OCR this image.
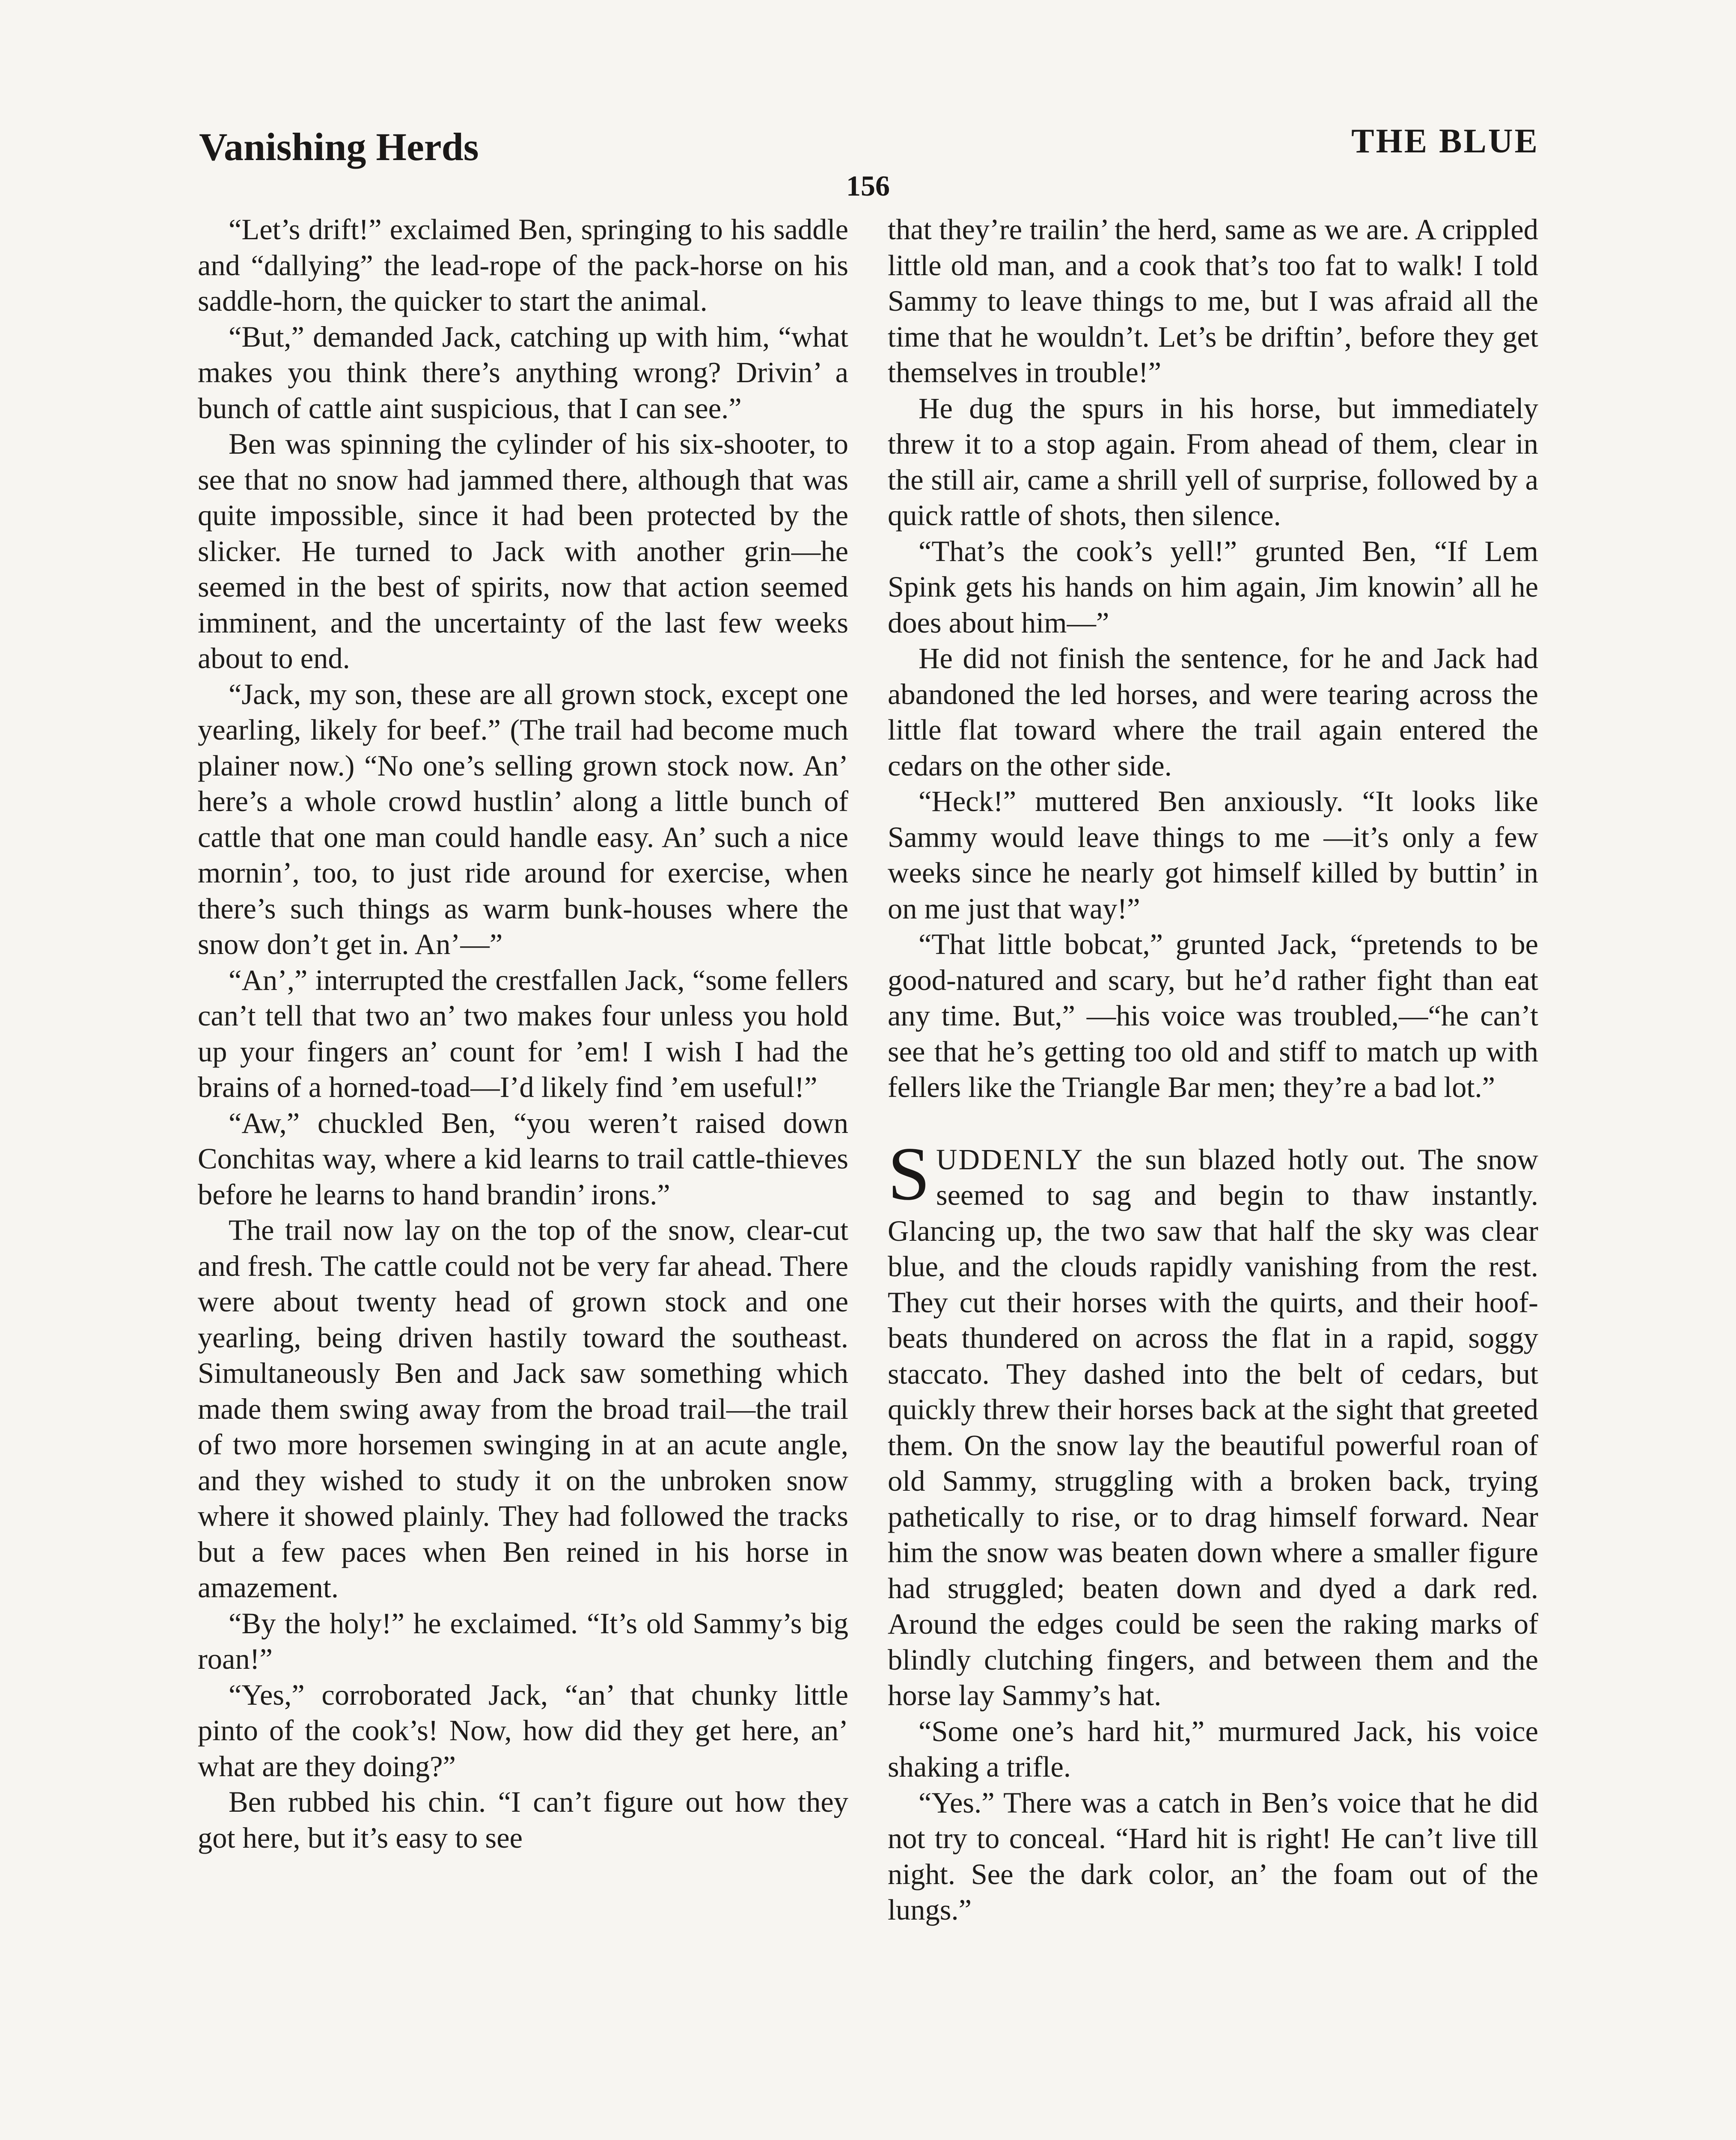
Vanishing Herds	THE BLUE
156

“Let’s drift!” exclaimed Ben, springing to his saddle and “dallying” the lead-rope of the pack-horse on his saddle-horn, the quicker to start the animal.

“But,” demanded Jack, catching up with him, “what makes you think there’s anything wrong? Drivin’ a bunch of cattle aint suspicious, that I can see.”

Ben was spinning the cylinder of his six-shooter, to see that no snow had jammed there, although that was quite impossible, since it had been protected by the slicker. He turned to Jack with another grin—he seemed in the best of spirits, now that action seemed imminent, and the uncertainty of the last few weeks about to end.

“Jack, my son, these are all grown stock, except one yearling, likely for beef.” (The trail had become much plainer now.) “No one’s selling grown stock now. An’ here’s a whole crowd hustlin’ along a little bunch of cattle that one man could handle easy. An’ such a nice mornin’, too, to just ride around for exercise, when there’s such things as warm bunk-houses where the snow don’t get in. An’—”

“An’,” interrupted the crestfallen Jack, “some fellers can’t tell that two an’ two makes four unless you hold up your fingers an’ count for ’em! I wish I had the brains of a horned-toad—I’d likely find ’em useful!”

“Aw,” chuckled Ben, “you weren’t raised down Conchitas way, where a kid learns to trail cattle-thieves before he learns to hand brandin’ irons.”

The trail now lay on the top of the snow, clear-cut and fresh. The cattle could not be very far ahead. There were about twenty head of grown stock and one yearling, being driven hastily toward the southeast. Simultaneously Ben and Jack saw something which made them swing away from the broad trail—the trail of two more horsemen swinging in at an acute angle, and they wished to study it on the unbroken snow where it showed plainly. They had followed the tracks but a few paces when Ben reined in his horse in amazement.

“By the holy!” he exclaimed. “It’s old Sammy’s big roan!”

“Yes,” corroborated Jack, “an’ that chunky little pinto of the cook’s! Now, how did they get here, an’ what are they doing?”

Ben rubbed his chin. “I can’t figure out how they got here, but it’s easy to see

that they’re trailin’ the herd, same as we are. A crippled little old man, and a cook that’s too fat to walk! I told Sammy to leave things to me, but I was afraid all the time that he wouldn’t. Let’s be driftin’, before they get themselves in trouble!”

He dug the spurs in his horse, but immediately threw it to a stop again. From ahead of them, clear in the still air, came a shrill yell of surprise, followed by a quick rattle of shots, then silence.

“That’s the cook’s yell!” grunted Ben, “If Lem Spink gets his hands on him again, Jim knowin’ all he does about him—”

He did not finish the sentence, for he and Jack had abandoned the led horses, and were tearing across the little flat toward where the trail again entered the cedars on the other side.

“Heck!” muttered Ben anxiously. “It looks like Sammy would leave things to me —it’s only a few weeks since he nearly got himself killed by buttin’ in on me just that way!”

“That little bobcat,” grunted Jack, “pretends to be good-natured and scary, but he’d rather fight than eat any time. But,” —his voice was troubled,—“he can’t see that he’s getting too old and stiff to match up with fellers like the Triangle Bar men; they’re a bad lot.”

SUDDENLY the sun blazed hotly out. The snow seemed to sag and begin to thaw instantly. Glancing up, the two saw that half the sky was clear blue, and the clouds rapidly vanishing from the rest. They cut their horses with the quirts, and their hoof-beats thundered on across the flat in a rapid, soggy staccato. They dashed into the belt of cedars, but quickly threw their horses back at the sight that greeted them. On the snow lay the beautiful powerful roan of old Sammy, struggling with a broken back, trying pathetically to rise, or to drag himself forward. Near him the snow was beaten down where a smaller figure had struggled; beaten down and dyed a dark red. Around the edges could be seen the raking marks of blindly clutching fingers, and between them and the horse lay Sammy’s hat.

“Some one’s hard hit,” murmured Jack, his voice shaking a trifle.

“Yes.” There was a catch in Ben’s voice that he did not try to conceal. “Hard hit is right! He can’t live till night. See the dark color, an’ the foam out of the lungs.”
